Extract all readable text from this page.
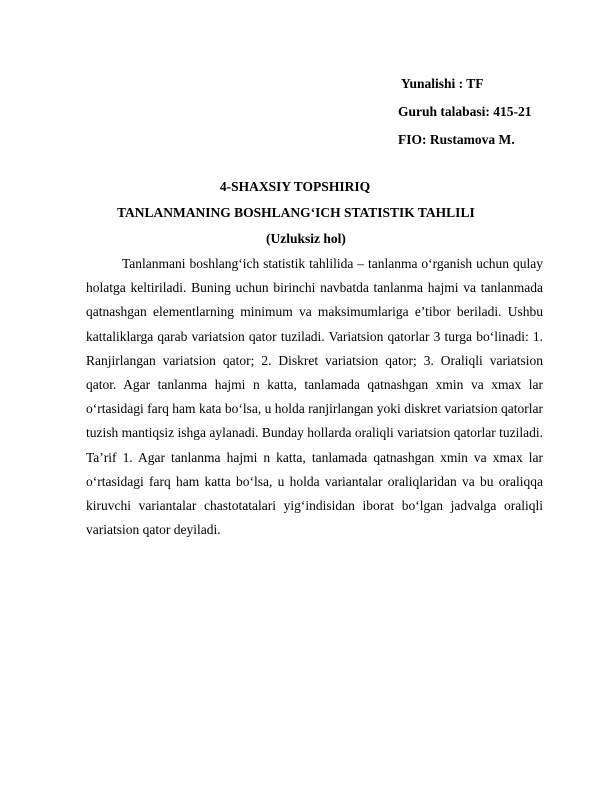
Yunalishi : TF
Guruh talabasi: 415-21
FIO: Rustamova M.
4-SHAXSIY TOPSHIRIQ
TANLANMANING BOSHLANG‘ICH STATISTIK TAHLILI
(Uzluksiz hol)

Tanlanmani boshlang‘ich statistik tahlilida – tanlanma o‘rganish uchun qulay holatga keltiriladi. Buning uchun birinchi navbatda tanlanma hajmi va tanlanmada qatnashgan elementlarning minimum va maksimumlariga e’tibor beriladi. Ushbu kattaliklarga qarab variatsion qator tuziladi. Variatsion qatorlar 3 turga bo‘linadi: 1. Ranjirlangan variatsion qator; 2. Diskret variatsion qator; 3. Oraliqli variatsion qator. Agar tanlanma hajmi n katta, tanlamada qatnashgan xmin va xmax lar o‘rtasidagi farq ham kata bo‘lsa, u holda ranjirlangan yoki diskret variatsion qatorlar tuzish mantiqsiz ishga aylanadi. Bunday hollarda oraliqli variatsion qatorlar tuziladi. Ta’rif 1. Agar tanlanma hajmi n katta, tanlamada qatnashgan xmin va xmax lar o‘rtasidagi farq ham katta bo‘lsa, u holda variantalar oraliqlaridan va bu oraliqqa kiruvchi variantalar chastotatalari yig‘indisidan iborat bo‘lgan jadvalga oraliqli variatsion qator deyiladi.
